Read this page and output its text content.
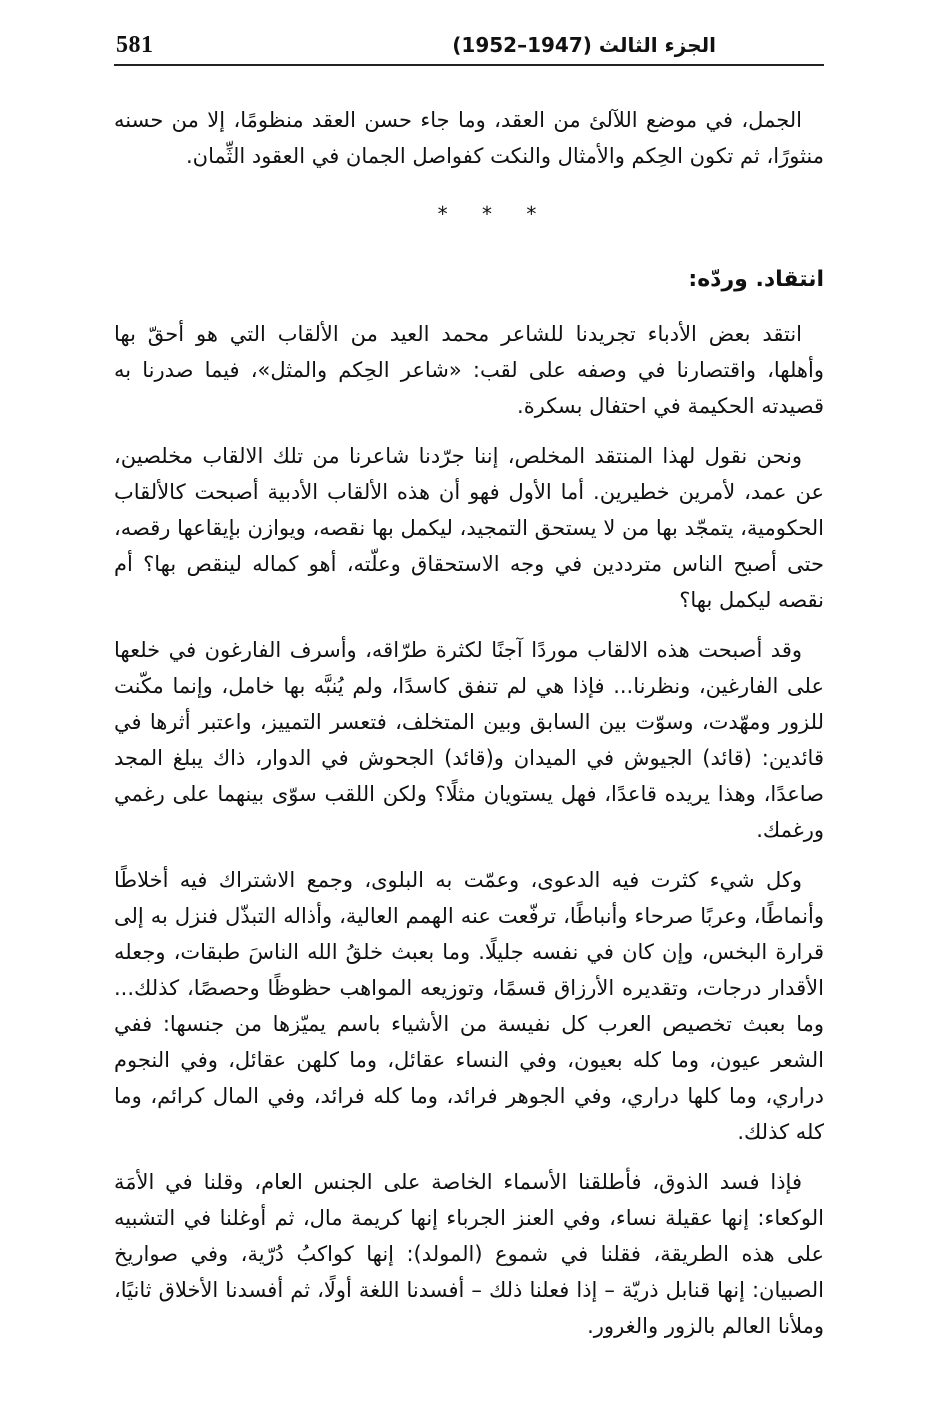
581	الجزء الثالث (1947–1952)

الجمل، في موضع اللآلئ من العقد، وما جاء حسن العقد منظومًا، إلا من حسنه منثورًا، ثم تكون الحِكم والأمثال والنكت كفواصل الجمان في العقود الثِّمان.

* * *
انتقاد. وردّه:

انتقد بعض الأدباء تجريدنا للشاعر محمد العيد من الألقاب التي هو أحقّ بها وأهلها، واقتصارنا في وصفه على لقب: «شاعر الحِكم والمثل»، فيما صدرنا به قصيدته الحكيمة في احتفال بسكرة.

ونحن نقول لهذا المنتقد المخلص، إننا جرّدنا شاعرنا من تلك الالقاب مخلصين، عن عمد، لأمرين خطيرين. أما الأول فهو أن هذه الألقاب الأدبية أصبحت كالألقاب الحكومية، يتمجّد بها من لا يستحق التمجيد، ليكمل بها نقصه، ويوازن بإيقاعها رقصه، حتى أصبح الناس مترددين في وجه الاستحقاق وعلّته، أهو كماله لينقص بها؟ أم نقصه ليكمل بها؟

وقد أصبحت هذه الالقاب موردًا آجنًا لكثرة طرّاقه، وأسرف الفارغون في خلعها على الفارغين، ونظرنا... فإذا هي لم تنفق كاسدًا، ولم يُنبَّه بها خامل، وإنما مكّنت للزور ومهّدت، وسوّت بين السابق وبين المتخلف، فتعسر التمييز، واعتبر أثرها في قائدين: (قائد) الجيوش في الميدان و(قائد) الجحوش في الدوار، ذاك يبلغ المجد صاعدًا، وهذا يريده قاعدًا، فهل يستويان مثلًا؟ ولكن اللقب سوّى بينهما على رغمي ورغمك.

وكل شيء كثرت فيه الدعوى، وعمّت به البلوى، وجمع الاشتراك فيه أخلاطًا وأنماطًا، وعربًا صرحاء وأنباطًا، ترفّعت عنه الهمم العالية، وأذاله التبذّل فنزل به إلى قرارة البخس، وإن كان في نفسه جليلًا. وما بعبث خلقُ الله الناسَ طبقات، وجعله الأقدار درجات، وتقديره الأرزاق قسمًا، وتوزيعه المواهب حظوظًا وحصصًا، كذلك... وما بعبث تخصيص العرب كل نفيسة من الأشياء باسم يميّزها من جنسها: ففي الشعر عيون، وما كله بعيون، وفي النساء عقائل، وما كلهن عقائل، وفي النجوم دراري، وما كلها دراري، وفي الجوهر فرائد، وما كله فرائد، وفي المال كرائم، وما كله كذلك.

فإذا فسد الذوق، فأطلقنا الأسماء الخاصة على الجنس العام، وقلنا في الأمَة الوكعاء: إنها عقيلة نساء، وفي العنز الجرباء إنها كريمة مال، ثم أوغلنا في التشبيه على هذه الطريقة، فقلنا في شموع (المولد): إنها كواكبُ دُرّية، وفي صواريخ الصبيان: إنها قنابل ذريّة – إذا فعلنا ذلك – أفسدنا اللغة أولًا، ثم أفسدنا الأخلاق ثانيًا، وملأنا العالم بالزور والغرور.
